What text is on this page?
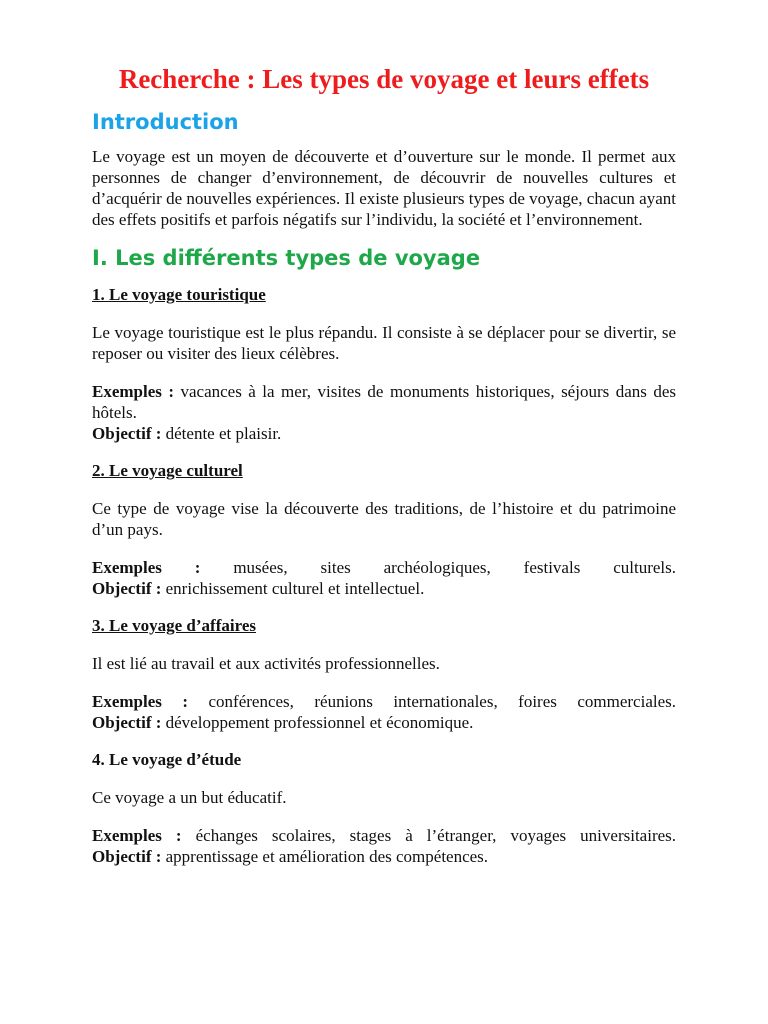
Recherche : Les types de voyage et leurs effets
Introduction

Le voyage est un moyen de découverte et d’ouverture sur le monde. Il permet aux personnes de changer d’environnement, de découvrir de nouvelles cultures et d’acquérir de nouvelles expériences. Il existe plusieurs types de voyage, chacun ayant des effets positifs et parfois négatifs sur l’individu, la société et l’environnement.

I. Les différents types de voyage
1. Le voyage touristique

Le voyage touristique est le plus répandu. Il consiste à se déplacer pour se divertir, se reposer ou visiter des lieux célèbres.

Exemples : vacances à la mer, visites de monuments historiques, séjours dans des hôtels.
Objectif : détente et plaisir.

2. Le voyage culturel

Ce type de voyage vise la découverte des traditions, de l’histoire et du patrimoine d’un pays.

Exemples : musées, sites archéologiques, festivals culturels.
Objectif : enrichissement culturel et intellectuel.

3. Le voyage d’affaires

Il est lié au travail et aux activités professionnelles.

Exemples : conférences, réunions internationales, foires commerciales.
Objectif : développement professionnel et économique.

4. Le voyage d’étude

Ce voyage a un but éducatif.

Exemples : échanges scolaires, stages à l’étranger, voyages universitaires.
Objectif : apprentissage et amélioration des compétences.
